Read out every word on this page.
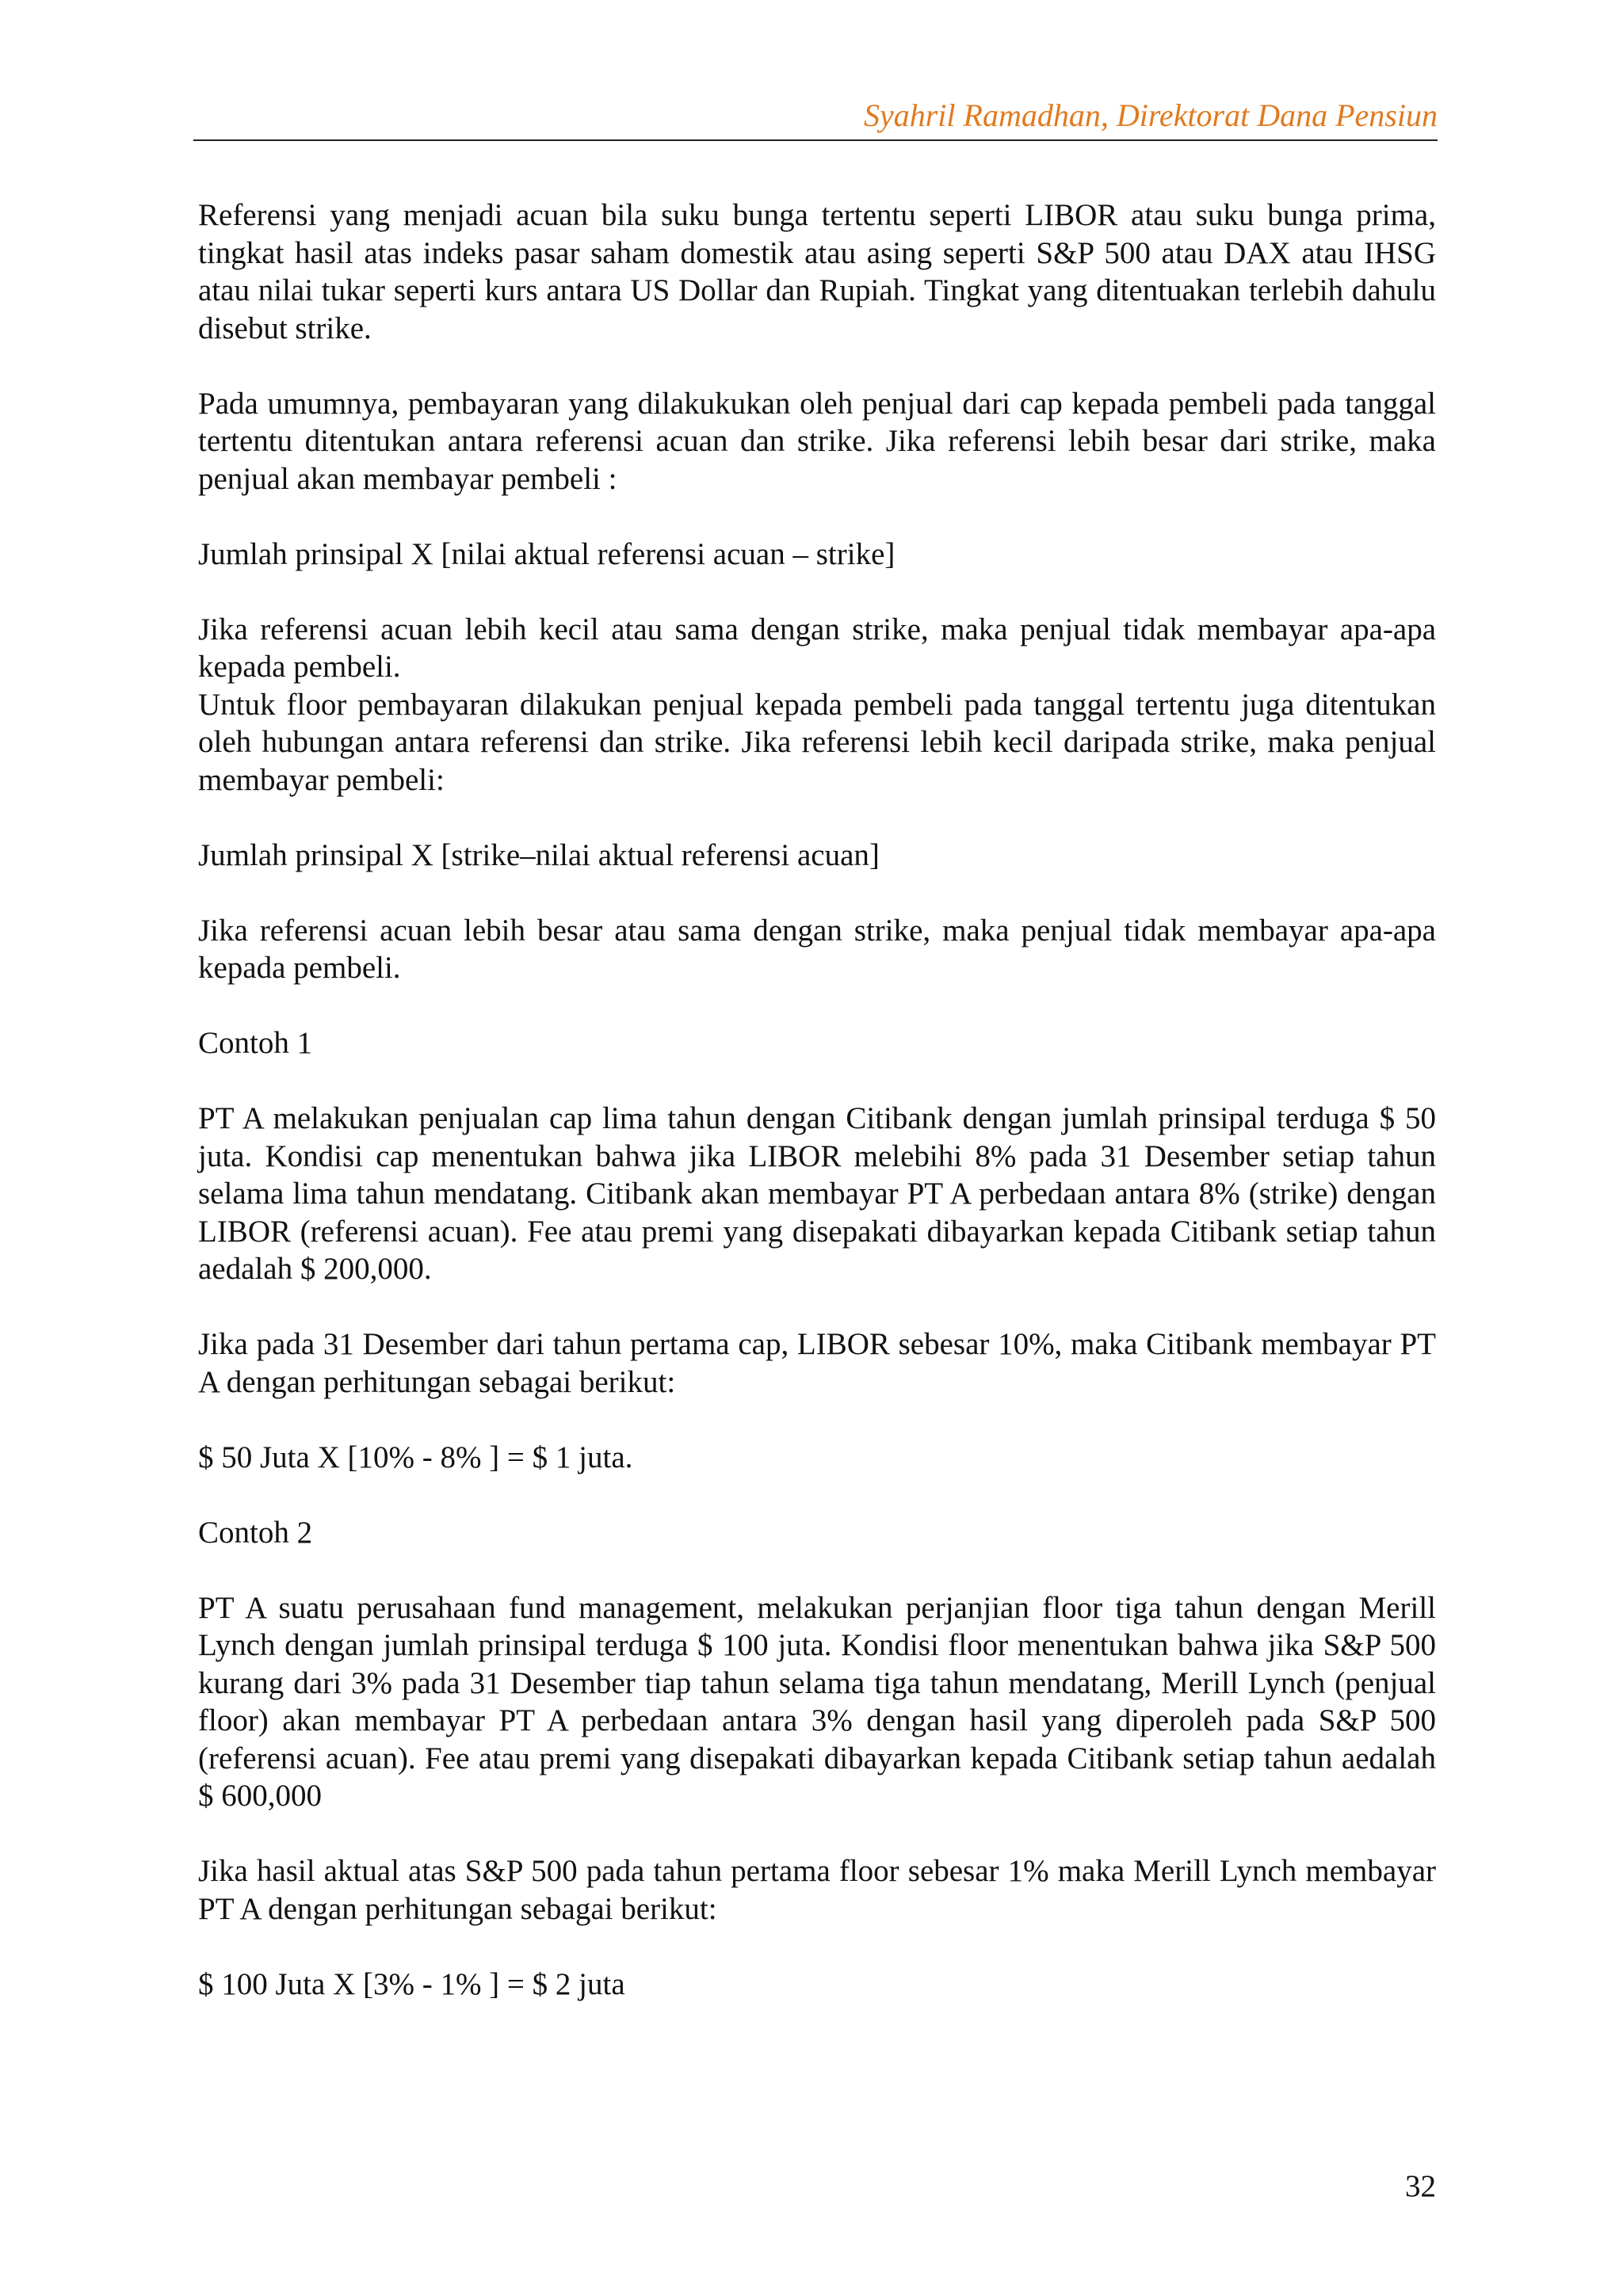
Syahril Ramadhan, Direktorat Dana Pensiun

Referensi yang menjadi acuan bila suku bunga tertentu seperti LIBOR atau suku bunga prima, tingkat hasil atas indeks pasar saham domestik atau asing seperti S&P 500 atau DAX atau IHSG atau nilai tukar seperti kurs antara US Dollar dan Rupiah. Tingkat yang ditentuakan terlebih dahulu disebut strike.

Pada umumnya, pembayaran yang dilakukukan oleh penjual dari cap kepada pembeli pada tanggal tertentu ditentukan antara referensi acuan dan strike. Jika referensi lebih besar dari strike, maka penjual akan membayar pembeli :

Jumlah prinsipal X [nilai aktual referensi acuan – strike]

Jika referensi acuan lebih kecil atau sama dengan strike, maka penjual tidak membayar apa-apa kepada pembeli.

Untuk floor pembayaran dilakukan penjual kepada pembeli pada tanggal tertentu juga ditentukan oleh hubungan antara referensi dan strike. Jika referensi lebih kecil daripada strike, maka penjual membayar pembeli:

Jumlah prinsipal X [strike–nilai aktual referensi acuan]

Jika referensi acuan lebih besar atau sama dengan strike, maka penjual tidak membayar apa-apa kepada pembeli.

Contoh 1

PT A melakukan penjualan cap lima tahun dengan Citibank dengan jumlah prinsipal terduga $ 50 juta. Kondisi cap menentukan bahwa jika LIBOR melebihi 8% pada 31 Desember setiap tahun selama lima tahun mendatang. Citibank akan membayar PT A perbedaan antara 8% (strike) dengan LIBOR (referensi acuan). Fee atau premi yang disepakati dibayarkan kepada Citibank setiap tahun aedalah $ 200,000.

Jika pada 31 Desember dari tahun pertama cap, LIBOR sebesar 10%, maka Citibank membayar PT A dengan perhitungan sebagai berikut:

$ 50 Juta X [10% - 8% ] = $ 1 juta.

Contoh 2

PT A suatu perusahaan fund management, melakukan perjanjian floor tiga tahun dengan Merill Lynch dengan jumlah prinsipal terduga $ 100 juta. Kondisi floor menentukan bahwa jika S&P 500 kurang dari 3% pada 31 Desember tiap tahun selama tiga tahun mendatang, Merill Lynch (penjual floor) akan membayar PT A perbedaan antara 3% dengan hasil yang diperoleh pada S&P 500 (referensi acuan). Fee atau premi yang disepakati dibayarkan kepada Citibank setiap tahun aedalah $ 600,000

Jika hasil aktual atas S&P 500 pada tahun pertama floor sebesar 1% maka Merill Lynch membayar PT A dengan perhitungan sebagai berikut:

$ 100 Juta X [3% - 1% ] = $ 2 juta

32
